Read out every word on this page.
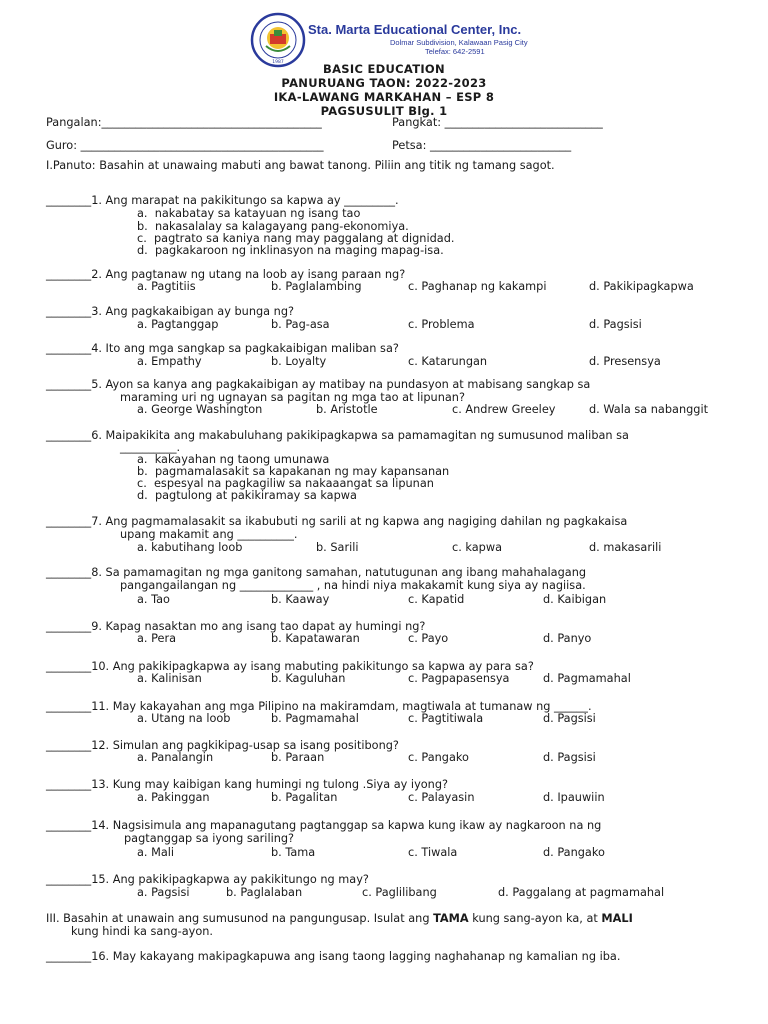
1987
Sta. Marta Educational Center, Inc.
Dolmar Subdivision, Kalawaan Pasig City
Telefax: 642-2591
BASIC EDUCATION
PANURUANG TAON: 2022-2023
IKA-LAWANG MARKAHAN – ESP 8
PAGSUSULIT Blg. 1
Pangalan:_______________________________________	Pangkat: ____________________________
Guro: ___________________________________________	Petsa: _________________________
I.Panuto: Basahin at unawaing mabuti ang bawat tanong. Piliin ang titik ng tamang sagot.
________1. Ang marapat na pakikitungo sa kapwa ay _________.
a.  nakabatay sa katayuan ng isang tao
b.  nakasalalay sa kalagayang pang-ekonomiya.
c.  pagtrato sa kaniya nang may paggalang at dignidad.
d.  pagkakaroon ng inklinasyon na maging mapag-isa.
________2. Ang pagtanaw ng utang na loob ay isang paraan ng?
a. Pagtitiis	b. Paglalambing	c. Paghanap ng kakampi	d. Pakikipagkapwa
________3. Ang pagkakaibigan ay bunga ng?
a. Pagtanggap	b. Pag-asa	c. Problema	d. Pagsisi
________4. Ito ang mga sangkap sa pagkakaibigan maliban sa?
a. Empathy	b. Loyalty	c. Katarungan	d. Presensya
________5. Ayon sa kanya ang pagkakaibigan ay matibay na pundasyon at mabisang sangkap sa
maraming uri ng ugnayan sa pagitan ng mga tao at lipunan?
a. George Washington	b. Aristotle	c. Andrew Greeley	d. Wala sa nabanggit
________6. Maipakikita ang makabuluhang pakikipagkapwa sa pamamagitan ng sumusunod maliban sa
__________.
a.  kakayahan ng taong umunawa
b.  pagmamalasakit sa kapakanan ng may kapansanan
c.  espesyal na pagkagiliw sa nakaaangat sa lipunan
d.  pagtulong at pakikiramay sa kapwa
________7. Ang pagmamalasakit sa ikabubuti ng sarili at ng kapwa ang nagiging dahilan ng pagkakaisa
upang makamit ang __________.
a. kabutihang loob	b. Sarili	c. kapwa	d. makasarili
________8. Sa pamamagitan ng mga ganitong samahan, natutugunan ang ibang mahahalagang
pangangailangan ng _____________ , na hindi niya makakamit kung siya ay nagiisa.
a. Tao	b. Kaaway	c. Kapatid	d. Kaibigan
________9. Kapag nasaktan mo ang isang tao dapat ay humingi ng?
a. Pera	b. Kapatawaran	c. Payo	d. Panyo
________10. Ang pakikipagkapwa ay isang mabuting pakikitungo sa kapwa ay para sa?
a. Kalinisan	b. Kaguluhan	c. Pagpapasensya	d. Pagmamahal
________11. May kakayahan ang mga Pilipino na makiramdam, magtiwala at tumanaw ng ______.
a. Utang na loob	b. Pagmamahal	c. Pagtitiwala	d. Pagsisi
________12. Simulan ang pagkikipag-usap sa isang positibong?
a. Panalangin	b. Paraan	c. Pangako	d. Pagsisi
________13. Kung may kaibigan kang humingi ng tulong .Siya ay iyong?
a. Pakinggan	b. Pagalitan	c. Palayasin	d. Ipauwiin
________14. Nagsisimula ang mapanagutang pagtanggap sa kapwa kung ikaw ay nagkaroon na ng
pagtanggap sa iyong sariling?
a. Mali	b. Tama	c. Tiwala	d. Pangako
________15. Ang pakikipagkapwa ay pakikitungo ng may?
a. Pagsisi	b. Paglalaban	c. Paglilibang	d. Paggalang at pagmamahal
III. Basahin at unawain ang sumusunod na pangungusap. Isulat ang TAMA kung sang-ayon ka, at MALI
kung hindi ka sang-ayon.
________16. May kakayang makipagkapuwa ang isang taong lagging naghahanap ng kamalian ng iba.
